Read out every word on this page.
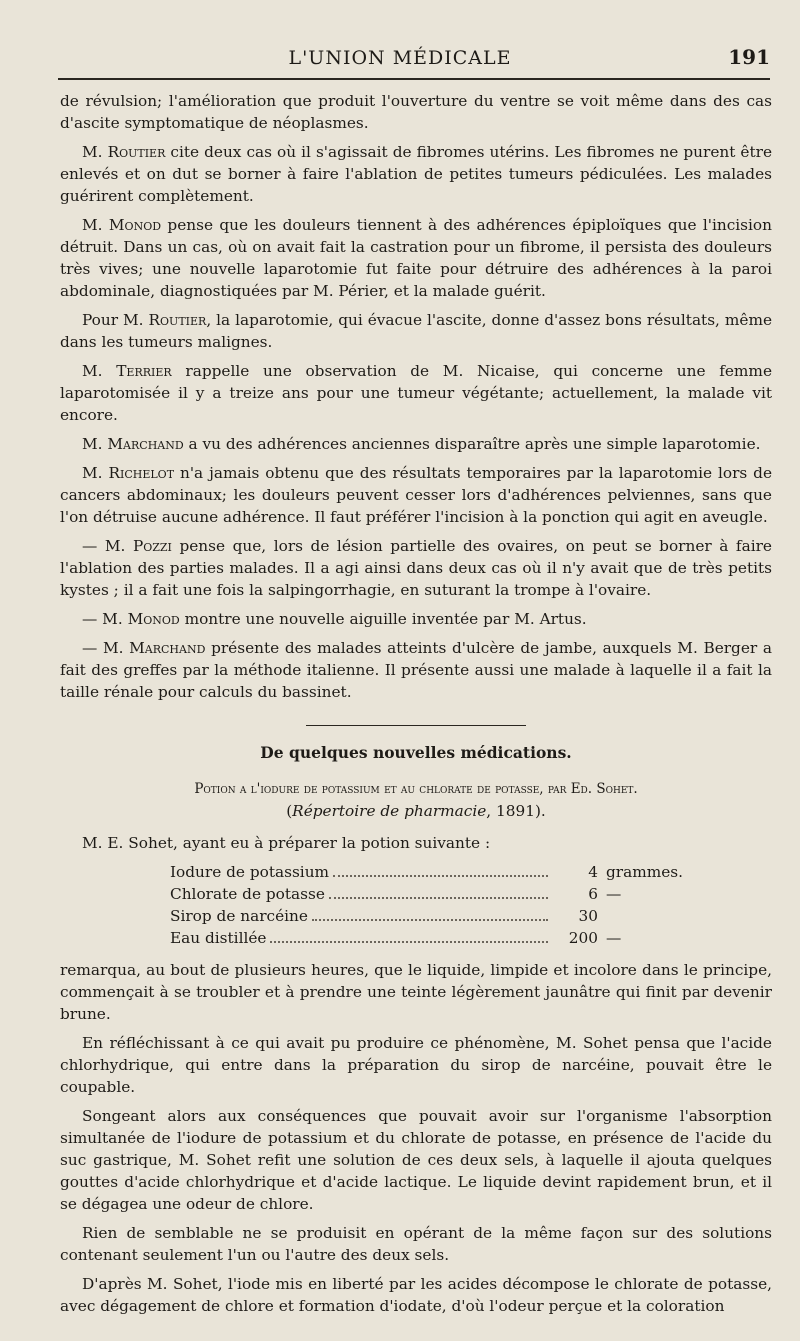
L'UNION MÉDICALE	191

de révulsion; l'amélioration que produit l'ouverture du ventre se voit même dans des cas d'ascite symptomatique de néoplasmes.

M. Routier cite deux cas où il s'agissait de fibromes utérins. Les fibromes ne purent être enlevés et on dut se borner à faire l'ablation de petites tumeurs pédiculées. Les malades guérirent complètement.

M. Monod pense que les douleurs tiennent à des adhérences épiploïques que l'incision détruit. Dans un cas, où on avait fait la castration pour un fibrome, il persista des douleurs très vives; une nouvelle laparotomie fut faite pour détruire des adhérences à la paroi abdominale, diagnostiquées par M. Périer, et la malade guérit.

Pour M. Routier, la laparotomie, qui évacue l'ascite, donne d'assez bons résultats, même dans les tumeurs malignes.

M. Terrier rappelle une observation de M. Nicaise, qui concerne une femme laparotomisée il y a treize ans pour une tumeur végétante; actuellement, la malade vit encore.

M. Marchand a vu des adhérences anciennes disparaître après une simple laparotomie.

M. Richelot n'a jamais obtenu que des résultats temporaires par la laparotomie lors de cancers abdominaux; les douleurs peuvent cesser lors d'adhérences pelviennes, sans que l'on détruise aucune adhérence. Il faut préférer l'incision à la ponction qui agit en aveugle.

— M. Pozzi pense que, lors de lésion partielle des ovaires, on peut se borner à faire l'ablation des parties malades. Il a agi ainsi dans deux cas où il n'y avait que de très petits kystes ; il a fait une fois la salpingorrhagie, en suturant la trompe à l'ovaire.

— M. Monod montre une nouvelle aiguille inventée par M. Artus.

— M. Marchand présente des malades atteints d'ulcère de jambe, auxquels M. Berger a fait des greffes par la méthode italienne. Il présente aussi une malade à laquelle il a fait la taille rénale pour calculs du bassinet.

De quelques nouvelles médications.
Potion a l'iodure de potassium et au chlorate de potasse, par Ed. Sohet.
(Répertoire de pharmacie, 1891).

M. E. Sohet, ayant eu à préparer la potion suivante :

Iodure de potassium	4 grammes.
Chlorate de potasse	6 —
Sirop de narcéine	30
Eau distillée	200 —

remarqua, au bout de plusieurs heures, que le liquide, limpide et incolore dans le principe, commençait à se troubler et à prendre une teinte légèrement jaunâtre qui finit par devenir brune.

En réfléchissant à ce qui avait pu produire ce phénomène, M. Sohet pensa que l'acide chlorhydrique, qui entre dans la préparation du sirop de narcéine, pouvait être le coupable.

Songeant alors aux conséquences que pouvait avoir sur l'organisme l'absorption simultanée de l'iodure de potassium et du chlorate de potasse, en présence de l'acide du suc gastrique, M. Sohet refit une solution de ces deux sels, à laquelle il ajouta quelques gouttes d'acide chlorhydrique et d'acide lactique. Le liquide devint rapidement brun, et il se dégagea une odeur de chlore.

Rien de semblable ne se produisit en opérant de la même façon sur des solutions contenant seulement l'un ou l'autre des deux sels.

D'après M. Sohet, l'iode mis en liberté par les acides décompose le chlorate de potasse, avec dégagement de chlore et formation d'iodate, d'où l'odeur perçue et la coloration
